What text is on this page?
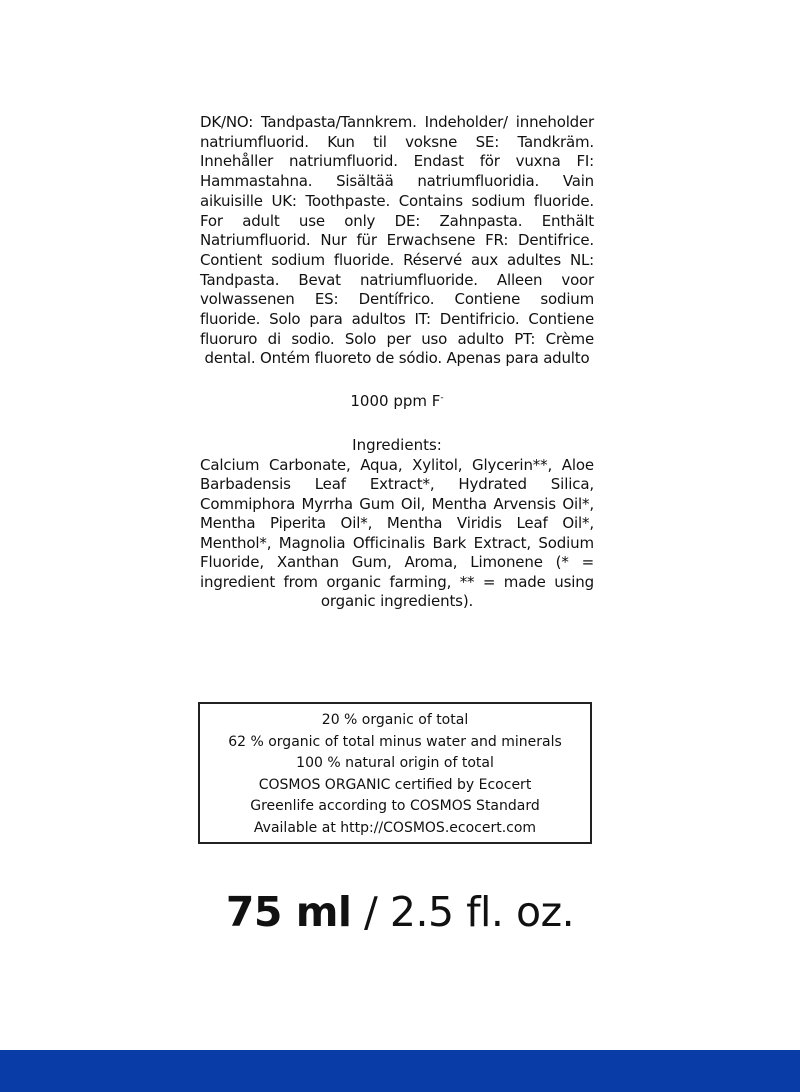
DK/NO: Tandpasta/Tannkrem. Indeholder/ inneholder natriumfluorid. Kun til voksne SE: Tandkräm. Innehåller natriumfluorid. Endast för vuxna FI: Hammastahna. Sisältää natriumfluoridia. Vain aikuisille UK: Toothpaste. Contains sodium fluoride. For adult use only DE: Zahnpasta. Enthält Natriumfluorid. Nur für Erwachsene FR: Dentifrice. Contient sodium fluoride. Réservé aux adultes NL: Tandpasta. Bevat natriumfluoride. Alleen voor volwassenen ES: Dentífrico. Contiene sodium fluoride. Solo para adultos IT: Dentifricio. Contiene fluoruro di sodio. Solo per uso adulto PT: Crème dental. Ontém fluoreto de sódio. Apenas para adulto

1000 ppm F-
Ingredients:

Calcium Carbonate, Aqua, Xylitol, Glycerin**, Aloe Barbadensis Leaf Extract*, Hydrated Silica, Commiphora Myrrha Gum Oil, Mentha Arvensis Oil*, Mentha Piperita Oil*, Mentha Viridis Leaf Oil*, Menthol*, Magnolia Officinalis Bark Extract, Sodium Fluoride, Xanthan Gum, Aroma, Limonene (* = ingredient from organic farming, ** = made using organic ingredients).

20 % organic of total
62 % organic of total minus water and minerals
100 % natural origin of total
COSMOS ORGANIC certified by Ecocert
Greenlife according to COSMOS Standard
Available at http://COSMOS.ecocert.com
75 ml / 2.5 fl. oz.
